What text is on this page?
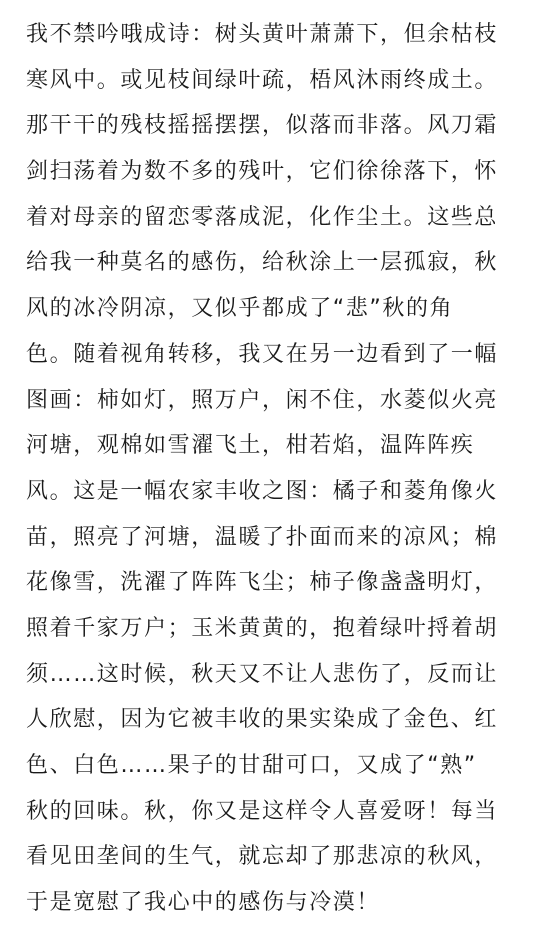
我不禁吟哦成诗：树头黄叶萧萧下，但余枯枝
寒风中。或见枝间绿叶疏，梧风沐雨终成土。
那干干的残枝摇摇摆摆，似落而非落。风刀霜
剑扫荡着为数不多的残叶，它们徐徐落下，怀
着对母亲的留恋零落成泥，化作尘土。这些总
给我一种莫名的感伤，给秋涂上一层孤寂，秋
风的冰冷阴凉，又似乎都成了“悲”秋的角
色。随着视角转移，我又在另一边看到了一幅
图画：柿如灯，照万户，闲不住，水菱似火亮
河塘，观棉如雪濯飞土，柑若焰，温阵阵疾
风。这是一幅农家丰收之图：橘子和菱角像火
苗，照亮了河塘，温暖了扑面而来的凉风；棉
花像雪，洗濯了阵阵飞尘；柿子像盏盏明灯，
照着千家万户；玉米黄黄的，抱着绿叶捋着胡
须……这时候，秋天又不让人悲伤了，反而让
人欣慰，因为它被丰收的果实染成了金色、红
色、白色……果子的甘甜可口，又成了“熟”
秋的回味。秋，你又是这样令人喜爱呀！每当
看见田垄间的生气，就忘却了那悲凉的秋风，
于是宽慰了我心中的感伤与冷漠！
